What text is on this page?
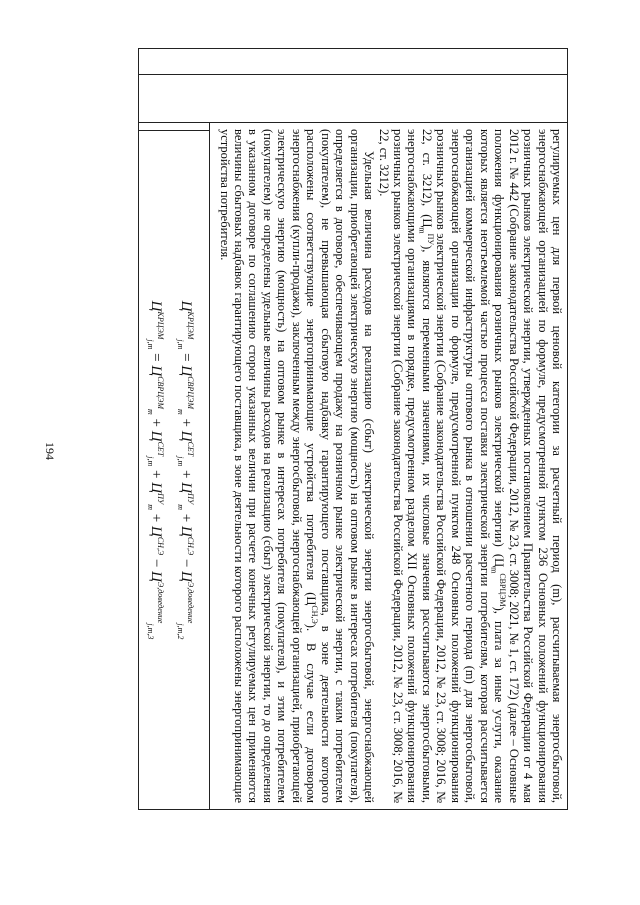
194	регулируемых цен для первой ценовой категории за расчетный период (m), рассчитываемая энергосбытовой, энергоснабжающей организацией по формуле, предусмотренной пунктом 236 Основных положений функционирования розничных рынков электрической энергии, утвержденных постановлением Правительства Российской Федерации от 4 мая 2012 г. № 442 (Собрание законодательства Российской Федерации, 2012, № 23, ст. 3008; 2021, № 1, ст. 172) (далее – Основные положения функционирования розничных рынков электрической энергии) $(Ц_m^{СВРЦЭМ})$, плата за иные услуги, оказание которых является неотъемлемой частью процесса поставки электрической энергии потребителям, которая рассчитывается организацией коммерческой инфраструктуры оптового рынка в отношении расчетного периода (m) для энергосбытовой, энергоснабжающей организации по формуле, предусмотренной пунктом 248 Основных положений функционирования розничных рынков электрической энергии (Собрание законодательства Российской Федерации, 2012, № 23, ст. 3008; 2016, № 22, ст. 3212), $(Ц_m^{ПУ})$, являются переменными значениями, их числовые значения рассчитываются энергосбытовыми, энергоснабжающими организациями в порядке, предусмотренном разделом XII Основных положений функционирования розничных рынков электрической энергии (Собрание законодательства Российской Федерации, 2012, № 23, ст. 3008; 2016, № 22, ст. 3212).

Удельная величина расходов на реализацию (сбыт) электрической энергии энергосбытовой, энергоснабжающей организации, приобретающей электрическую энергию (мощность) на оптовом рынке в интересах потребителя (покупателя), определяется в договоре, обеспечивающем продажу на розничном рынке электрической энергии, с таким потребителем (покупателем), не превышающая сбытовую надбавку гарантирующего поставщика, в зоне деятельности которого расположены соответствующие энергопринимающие устройства потребителя $(Ц^{СН,Э})$. В случае если договором энергоснабжения (купли-продажи), заключенным между энергосбытовой, энергоснабжающей организацией, приобретающей электрическую энергию (мощность) на оптовом рынке в интересах потребителя (покупателя), и этим потребителем (покупателем) не определены удельные величины расходов на реализацию (сбыт) электрической энергии, то до определения в указанном договоре по соглашению сторон указанных величин при расчете конечных регулируемых цен применяются величины сбытовых надбавок гарантирующего поставщика, в зоне деятельности которого расположены энергопринимающие устройства потребителя.

$Ц^{КРЦЭМ}_{j,m} = Ц^{СВРЦЭМ}_m + Ц^{СЕТ}_{j,m} + Ц^{ПУ}_m + Ц^{СН,Э} - Ц^{Э,доведение}_{j,m,2}$
$Ц^{КРЦЭМ}_{j,m} = Ц^{СВРЦЭМ}_m + Ц^{СЕТ}_{j,m} + Ц^{ПУ}_m + Ц^{СН,Э} - Ц^{Э,доведение}_{j,m,3}$
